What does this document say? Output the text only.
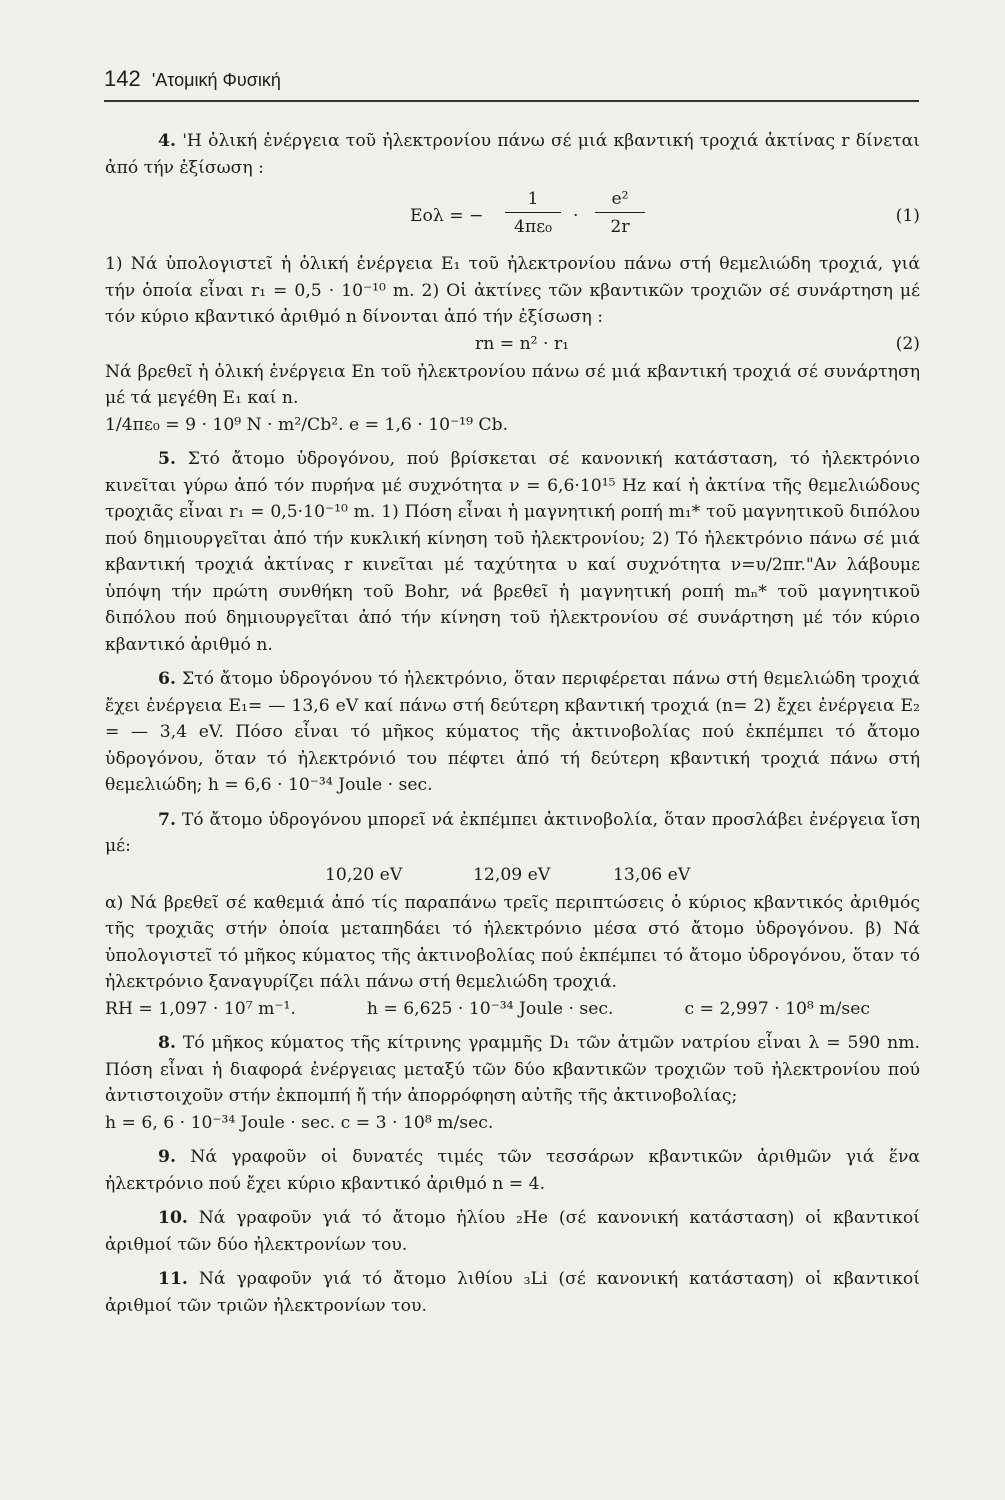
142 'Ατομική Φυσική

4. 'Η ὁλική ἐνέργεια τοῦ ἠλεκτρονίου πάνω σέ μιά κβαντική τροχιά ἀκτίνας r δίνεται ἀπό τήν ἐξίσωση :

Eολ = − $\frac{1}{\text{4πε₀}} \cdot \frac{\text{e²}}{2r}$	(1)

1) Νά ὑπολογιστεῖ ἡ ὁλική ἐνέργεια E₁ τοῦ ἠλεκτρονίου πάνω στή θεμελιώδη τροχιά, γιά τήν ὁποία εἶναι r₁ = 0,5 · 10⁻¹⁰ m. 2) Οἱ ἀκτίνες τῶν κβαντικῶν τροχιῶν σέ συνάρτηση μέ τόν κύριο κβαντικό ἀριθμό n δίνονται ἀπό τήν ἐξίσωση :

rn = n² · r₁	(2)

Νά βρεθεῖ ἡ ὁλική ἐνέργεια En τοῦ ἠλεκτρονίου πάνω σέ μιά κβαντική τροχιά σέ συνάρτηση μέ τά μεγέθη E₁ καί n.

1/4πε₀ = 9 · 10⁹ N · m²/Cb². e = 1,6 · 10⁻¹⁹ Cb.

5. Στό ἄτομο ὑδρογόνου, πού βρίσκεται σέ κανονική κατάσταση, τό ἠλεκτρόνιο κινεῖται γύρω ἀπό τόν πυρήνα μέ συχνότητα ν = 6,6·10¹⁵ Hz καί ἡ ἀκτίνα τῆς θεμελιώδους τροχιᾶς εἶναι r₁ = 0,5·10⁻¹⁰ m. 1) Πόση εἶναι ἡ μαγνητική ροπή m₁* τοῦ μαγνητικοῦ διπόλου πού δημιουργεῖται ἀπό τήν κυκλική κίνηση τοῦ ἠλεκτρονίου; 2) Τό ἠλεκτρόνιο πάνω σέ μιά κβαντική τροχιά ἀκτίνας r κινεῖται μέ ταχύτητα υ καί συχνότητα ν=υ/2πr."Αν λάβουμε ὑπόψη τήν πρώτη συνθήκη τοῦ Bohr, νά βρεθεῖ ἡ μαγνητική ροπή mₙ* τοῦ μαγνητικοῦ διπόλου πού δημιουργεῖται ἀπό τήν κίνηση τοῦ ἠλεκτρονίου σέ συνάρτηση μέ τόν κύριο κβαντικό ἀριθμό n.

6. Στό ἄτομο ὑδρογόνου τό ἠλεκτρόνιο, ὅταν περιφέρεται πάνω στή θεμελιώδη τροχιά ἔχει ἐνέργεια E₁= — 13,6 eV καί πάνω στή δεύτερη κβαντική τροχιά (n= 2) ἔχει ἐνέργεια E₂ = — 3,4 eV. Πόσο εἶναι τό μῆκος κύματος τῆς ἀκτινοβολίας πού ἐκπέμπει τό ἄτομο ὑδρογόνου, ὅταν τό ἠλεκτρόνιό του πέφτει ἀπό τή δεύτερη κβαντική τροχιά πάνω στή θεμελιώδη; h = 6,6 · 10⁻³⁴ Joule · sec.

7. Τό ἄτομο ὑδρογόνου μπορεῖ νά ἐκπέμπει ἀκτινοβολία, ὅταν προσλάβει ἐνέργεια ἴση μέ:

10,20 eV	12,09 eV	13,06 eV

α) Νά βρεθεῖ σέ καθεμιά ἀπό τίς παραπάνω τρεῖς περιπτώσεις ὁ κύριος κβαντικός ἀριθμός τῆς τροχιᾶς στήν ὁποία μεταπηδάει τό ἠλεκτρόνιο μέσα στό ἄτομο ὑδρογόνου. β) Νά ὑπολογιστεῖ τό μῆκος κύματος τῆς ἀκτινοβολίας πού ἐκπέμπει τό ἄτομο ὑδρογόνου, ὅταν τό ἠλεκτρόνιο ξαναγυρίζει πάλι πάνω στή θεμελιώδη τροχιά.

RH = 1,097 · 10⁷ m⁻¹.	h = 6,625 · 10⁻³⁴ Joule · sec.	c = 2,997 · 10⁸ m/sec

8. Τό μῆκος κύματος τῆς κίτρινης γραμμῆς D₁ τῶν ἀτμῶν νατρίου εἶναι λ = 590 nm. Πόση εἶναι ἡ διαφορά ἐνέργειας μεταξύ τῶν δύο κβαντικῶν τροχιῶν τοῦ ἠλεκτρονίου πού ἀντιστοιχοῦν στήν ἐκπομπή ἤ τήν ἀπορρόφηση αὐτῆς τῆς ἀκτινοβολίας;

h = 6, 6 · 10⁻³⁴ Joule · sec. c = 3 · 10⁸ m/sec.

9. Νά γραφοῦν οἱ δυνατές τιμές τῶν τεσσάρων κβαντικῶν ἀριθμῶν γιά ἕνα ἠλεκτρόνιο πού ἔχει κύριο κβαντικό ἀριθμό n = 4.

10. Νά γραφοῦν γιά τό ἄτομο ἡλίου ₂He (σέ κανονική κατάσταση) οἱ κβαντικοί ἀριθμοί τῶν δύο ἠλεκτρονίων του.

11. Νά γραφοῦν γιά τό ἄτομο λιθίου ₃Li (σέ κανονική κατάσταση) οἱ κβαντικοί ἀριθμοί τῶν τριῶν ἠλεκτρονίων του.
